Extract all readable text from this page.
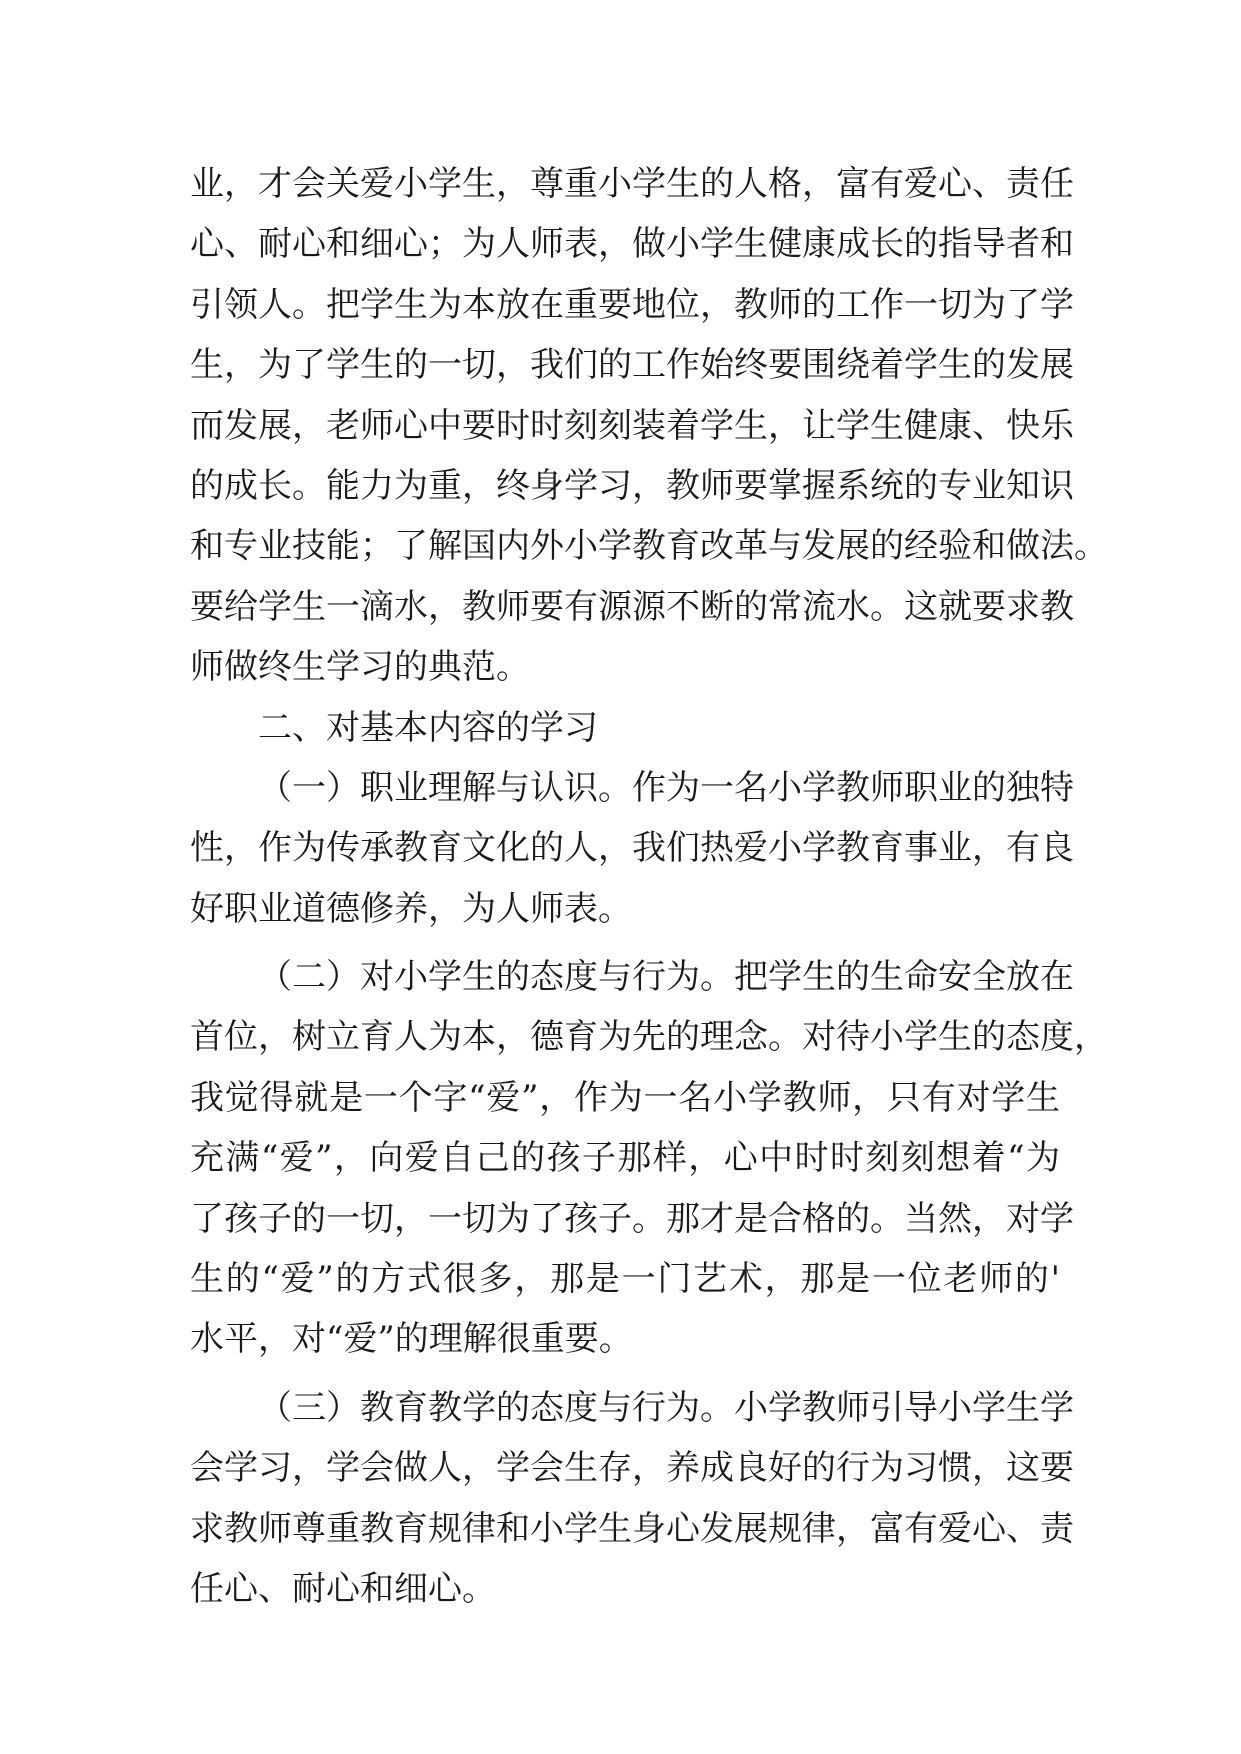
业，才会关爱小学生，尊重小学生的人格，富有爱心、责任
心、耐心和细心；为人师表，做小学生健康成长的指导者和
引领人。把学生为本放在重要地位，教师的工作一切为了学
生，为了学生的一切，我们的工作始终要围绕着学生的发展
而发展，老师心中要时时刻刻装着学生，让学生健康、快乐
的成长。能力为重，终身学习，教师要掌握系统的专业知识
和专业技能；了解国内外小学教育改革与发展的经验和做法。
要给学生一滴水，教师要有源源不断的常流水。这就要求教
师做终生学习的典范。
二、对基本内容的学习
（一）职业理解与认识。作为一名小学教师职业的独特
性，作为传承教育文化的人，我们热爱小学教育事业，有良
好职业道德修养，为人师表。
（二）对小学生的态度与行为。把学生的生命安全放在
首位，树立育人为本，德育为先的理念。对待小学生的态度，
我觉得就是一个字“爱”，作为一名小学教师，只有对学生
充满“爱”，向爱自己的孩子那样，心中时时刻刻想着“为
了孩子的一切，一切为了孩子。那才是合格的。当然，对学
生的“爱”的方式很多，那是一门艺术，那是一位老师的'
水平，对“爱”的理解很重要。
（三）教育教学的态度与行为。小学教师引导小学生学
会学习，学会做人，学会生存，养成良好的行为习惯，这要
求教师尊重教育规律和小学生身心发展规律，富有爱心、责
任心、耐心和细心。
